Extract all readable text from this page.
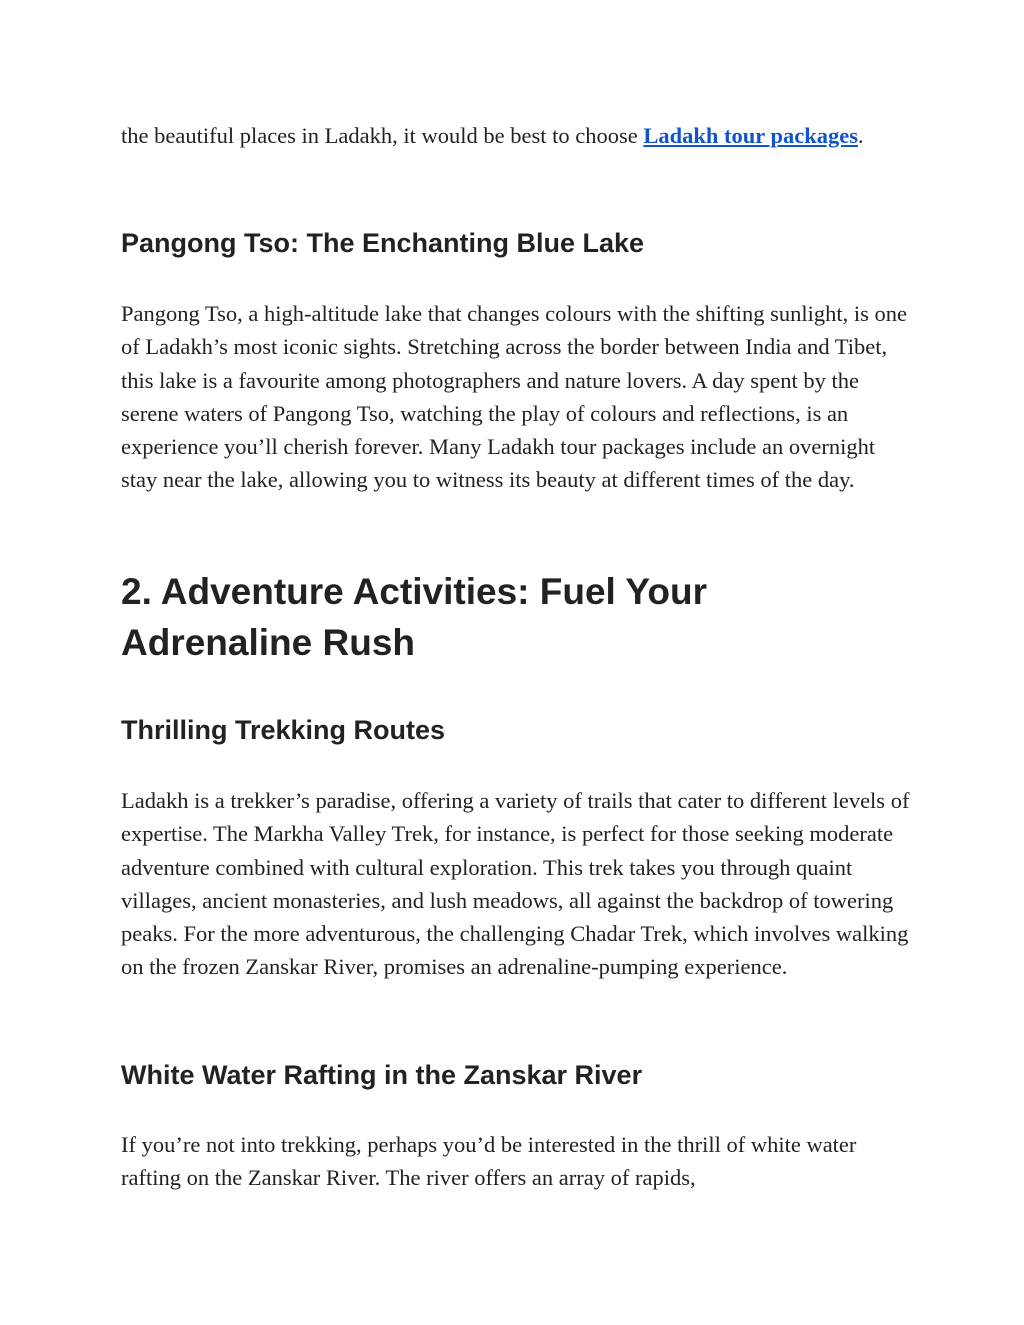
the beautiful places in Ladakh, it would be best to choose Ladakh tour packages.

Pangong Tso: The Enchanting Blue Lake

Pangong Tso, a high-altitude lake that changes colours with the shifting sunlight, is one of Ladakh’s most iconic sights. Stretching across the border between India and Tibet, this lake is a favourite among photographers and nature lovers. A day spent by the serene waters of Pangong Tso, watching the play of colours and reflections, is an experience you’ll cherish forever. Many Ladakh tour packages include an overnight stay near the lake, allowing you to witness its beauty at different times of the day.

2. Adventure Activities: Fuel Your Adrenaline Rush
Thrilling Trekking Routes

Ladakh is a trekker’s paradise, offering a variety of trails that cater to different levels of expertise. The Markha Valley Trek, for instance, is perfect for those seeking moderate adventure combined with cultural exploration. This trek takes you through quaint villages, ancient monasteries, and lush meadows, all against the backdrop of towering peaks. For the more adventurous, the challenging Chadar Trek, which involves walking on the frozen Zanskar River, promises an adrenaline-pumping experience.

White Water Rafting in the Zanskar River

If you’re not into trekking, perhaps you’d be interested in the thrill of white water rafting on the Zanskar River. The river offers an array of rapids,
